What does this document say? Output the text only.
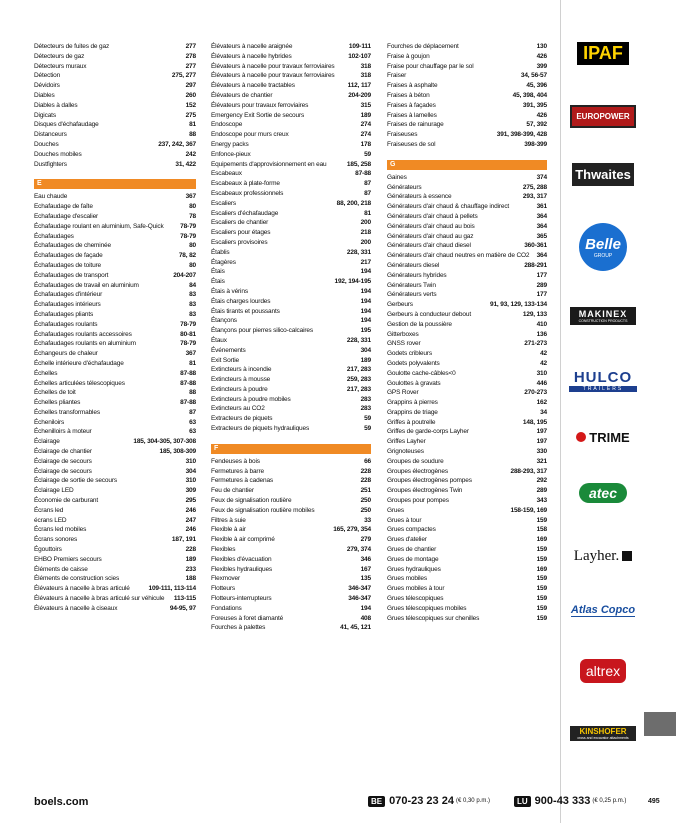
Détecteurs de fuites de gaz	277
Détecteurs de gaz	278
Détecteurs muraux	277
Détection	275, 277
Dévidoirs	297
Diables	260
Diables à dalles	152
Digicats	275
Disques d'échafaudage	81
Distanceurs	88
Douches	237, 242, 367
Douches mobiles	242
Dustfighters	31, 422
E
Eau chaude	367
Echafaudage de faîte	80
Echafaudage d'escalier	78
Échafaudage roulant en aluminium, Safe-Quick	78-79
Échafaudages	78-79
Échafaudages de cheminée	80
Échafaudages de façade	78, 82
Échafaudages de toiture	80
Échafaudages de transport	204-207
Échafaudages de travail en aluminium	84
Échafaudages d'intérieur	83
Échafaudages intérieurs	83
Échafaudages pliants	83
Échafaudages roulants	78-79
Échafaudages roulants accessoires	80-81
Échafaudages roulants en aluminium	78-79
Échangeurs de chaleur	367
Échelle intérieure d'échafaudage	81
Échelles	87-88
Échelles articulées télescopiques	87-88
Échelles de toit	88
Échelles pliantes	87-88
Échelles transformables	87
Écheniloirs	63
Échenilloirs à moteur	63
Éclairage	185, 304-305, 307-308
Éclairage de chantier	185, 308-309
Éclairage de secours	310
Éclairage de secours	304
Éclairage de sortie de secours	310
Éclairage LED	309
Économie de carburant	295
Écrans led	246
écrans LED	247
Écrans led mobiles	246
Écrans sonores	187, 191
Égouttoirs	228
EHBO Premiers secours	189
Éléments de caisse	233
Éléments de construction scies	188
Élévateurs à nacelle à bras articulé	109-111, 113-114
Élévateurs à nacelle à bras articulé sur véhicule	113-115
Élévateurs à nacelle à ciseaux	94-95, 97
Élévateurs à nacelle araignée	109-111
Élévateurs à nacelle hybrides	102-107
Élévateurs à nacelle pour travaux ferroviaires	318
Élévateurs à nacelle pour travaux ferroviaires	318
Élévateurs à nacelle tractables	112, 117
Élévateurs de chantier	204-209
Élévateurs pour travaux ferroviaires	315
Emergency Exit Sortie de secours	189
Endoscope	274
Endoscope pour murs creux	274
Energy packs	178
Enfonce-pieux	59
Equipements d'approvisionnement en eau	185, 258
Escabeaux	87-88
Escabeaux à plate-forme	87
Escabeaux professionnels	87
Escaliers	88, 200, 218
Escaliers d'échafaudage	81
Escaliers de chantier	200
Escaliers pour étages	218
Escaliers provisoires	200
Établis	228, 331
Étagères	217
Étais	194
Étais	192, 194-195
Étais à vérins	194
Étais charges lourdes	194
Étais tirants et poussants	194
Étançons	194
Étançons pour pierres silico-calcaires	195
Étaux	228, 331
Événements	304
Exit Sortie	189
Extincteurs à incendie	217, 283
Extincteurs à mousse	259, 283
Extincteurs à poudre	217, 283
Extincteurs à poudre mobiles	283
Extincteurs au CO2	283
Extracteurs de piquets	59
Extracteurs de piquets hydrauliques	59
F
Fendeuses à bois	66
Fermetures à barre	228
Fermetures à cadenas	228
Feu de chantier	251
Feux de signalisation routière	250
Feux de signalisation routière mobiles	250
Filtres à suie	33
Flexible à air	165, 279, 354
Flexible à air comprimé	279
Flexibles	279, 374
Flexibles d'évacuation	346
Flexibles hydrauliques	167
Flexmover	135
Flotteurs	346-347
Flotteurs-interrupteurs	346-347
Fondations	194
Foreuses à foret diamanté	408
Fourches à palettes	41, 45, 121
Fourches de déplacement	130
Fraise à goujon	426
Fraise pour chauffage par le sol	399
Fraiser	34, 56-57
Fraises à asphalte	45, 396
Fraises à béton	45, 398, 404
Fraises à façades	391, 395
Fraises à lamelles	426
Fraises de rainurage	57, 392
Fraiseuses	391, 398-399, 428
Fraiseuses de sol	398-399
G
Gaines	374
Générateurs	275, 288
Générateurs à essence	293, 317
Générateurs d'air chaud & chauffage indirect	361
Générateurs d'air chaud à pellets	364
Générateurs d'air chaud au bois	364
Générateurs d'air chaud au gaz	365
Générateurs d'air chaud diesel	360-361
Générateurs d'air chaud neutres en matière de CO2	364
Générateurs diesel	288-291
Générateurs hybrides	177
Générateurs Twin	289
Générateurs verts	177
Gerbeurs	91, 93, 129, 133-134
Gerbeurs à conducteur debout	129, 133
Gestion de la poussière	410
Gitterboxes	136
GNSS rover	271-273
Godets cribleurs	42
Godets polyvalents	42
Goulotte cache-câbles<0	310
Goulottes à gravats	446
GPS Rover	270-273
Grappins à pierres	162
Grappins de triage	34
Griffes à poutrelle	148, 195
Griffes de garde-corps Layher	197
Griffes Layher	197
Grignoteuses	330
Groupes de soudure	321
Groupes électrogènes	288-293, 317
Groupes électrogènes pompes	292
Groupes électrogènes Twin	289
Groupes pour pompes	343
Grues	158-159, 169
Grues à tour	159
Grues compactes	158
Grues d'atelier	169
Grues de chantier	159
Grues de montage	159
Grues hydrauliques	169
Grues mobiles	159
Grues mobiles à tour	159
Grues télescopiques	159
Grues télescopiques mobiles	159
Grues télescopiques sur chenilles	159
IPAF
EUROPOWER
Thwaites
Belle
GROUP
MAKINEX
CONSTRUCTION PRODUCTS
HULCO
TRAILERS
TRIME
atec
Layher.
Atlas Copco
altrex
KINSHOFER
cross and excavator attachments
boels.com	BE 070-23 23 24 (€ 0,30 p.m.)	LU 900-43 333 (€ 0,25 p.m.)	495
